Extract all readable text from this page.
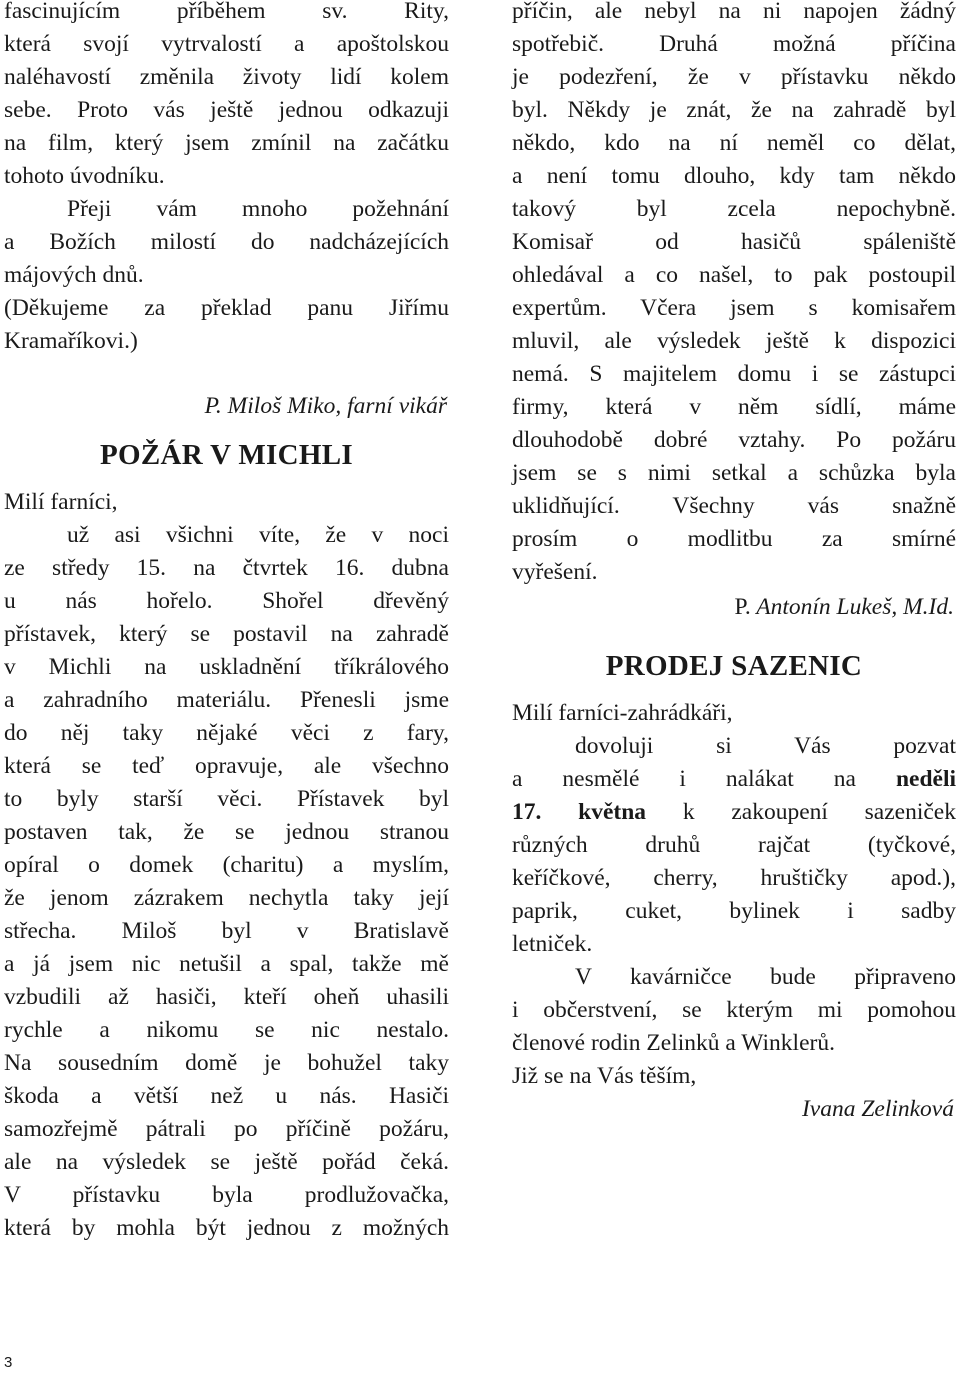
fascinujícím příběhem sv. Rity,
která svojí vytrvalostí a apoštolskou
naléhavostí změnila životy lidí kolem
sebe. Proto vás ještě jednou odkazuji
na film, který jsem zmínil na začátku
tohoto úvodníku.
Přeji vám mnoho požehnání
a Božích milostí do nadcházejících
májových dnů.
(Děkujeme za překlad panu Jiřímu
Kramaříkovi.)
P. Miloš Miko, farní vikář
POŽÁR V MICHLI
Milí farníci,
už asi všichni víte, že v noci
ze středy 15. na čtvrtek 16. dubna
u nás hořelo. Shořel dřevěný
přístavek, který se postavil na zahradě
v Michli na uskladnění tříkrálového
a zahradního materiálu. Přenesli jsme
do něj taky nějaké věci z fary,
která se teď opravuje, ale všechno
to byly starší věci. Přístavek byl
postaven tak, že se jednou stranou
opíral o domek (charitu) a myslím,
že jenom zázrakem nechytla taky její
střecha. Miloš byl v Bratislavě
a já jsem nic netušil a spal, takže mě
vzbudili až hasiči, kteří oheň uhasili
rychle a nikomu se nic nestalo.
Na sousedním domě je bohužel taky
škoda a větší než u nás. Hasiči
samozřejmě pátrali po příčině požáru,
ale na výsledek se ještě pořád čeká.
V přístavku byla prodlužovačka,
která by mohla být jednou z možných
příčin, ale nebyl na ni napojen žádný
spotřebič. Druhá možná příčina
je podezření, že v přístavku někdo
byl. Někdy je znát, že na zahradě byl
někdo, kdo na ní neměl co dělat,
a není tomu dlouho, kdy tam někdo
takový byl zcela nepochybně.
Komisař od hasičů spáleniště
ohledával a co našel, to pak postoupil
expertům. Včera jsem s komisařem
mluvil, ale výsledek ještě k dispozici
nemá. S majitelem domu i se zástupci
firmy, která v něm sídlí, máme
dlouhodobě dobré vztahy. Po požáru
jsem se s nimi setkal a schůzka byla
uklidňující. Všechny vás snažně
prosím o modlitbu za smírné
vyřešení.
P. Antonín Lukeš, M.Id.
PRODEJ SAZENIC
Milí farníci-zahrádkáři,
dovoluji si Vás pozvat
a nesmělé i nalákat na neděli
17. května k zakoupení sazeniček
různých druhů rajčat (tyčkové,
keříčkové, cherry, hruštičky apod.),
paprik, cuket, bylinek i sadby
letniček.
V kavárničce bude připraveno
i občerstvení, se kterým mi pomohou
členové rodin Zelinků a Winklerů.
Již se na Vás těším,
Ivana Zelinková
3
